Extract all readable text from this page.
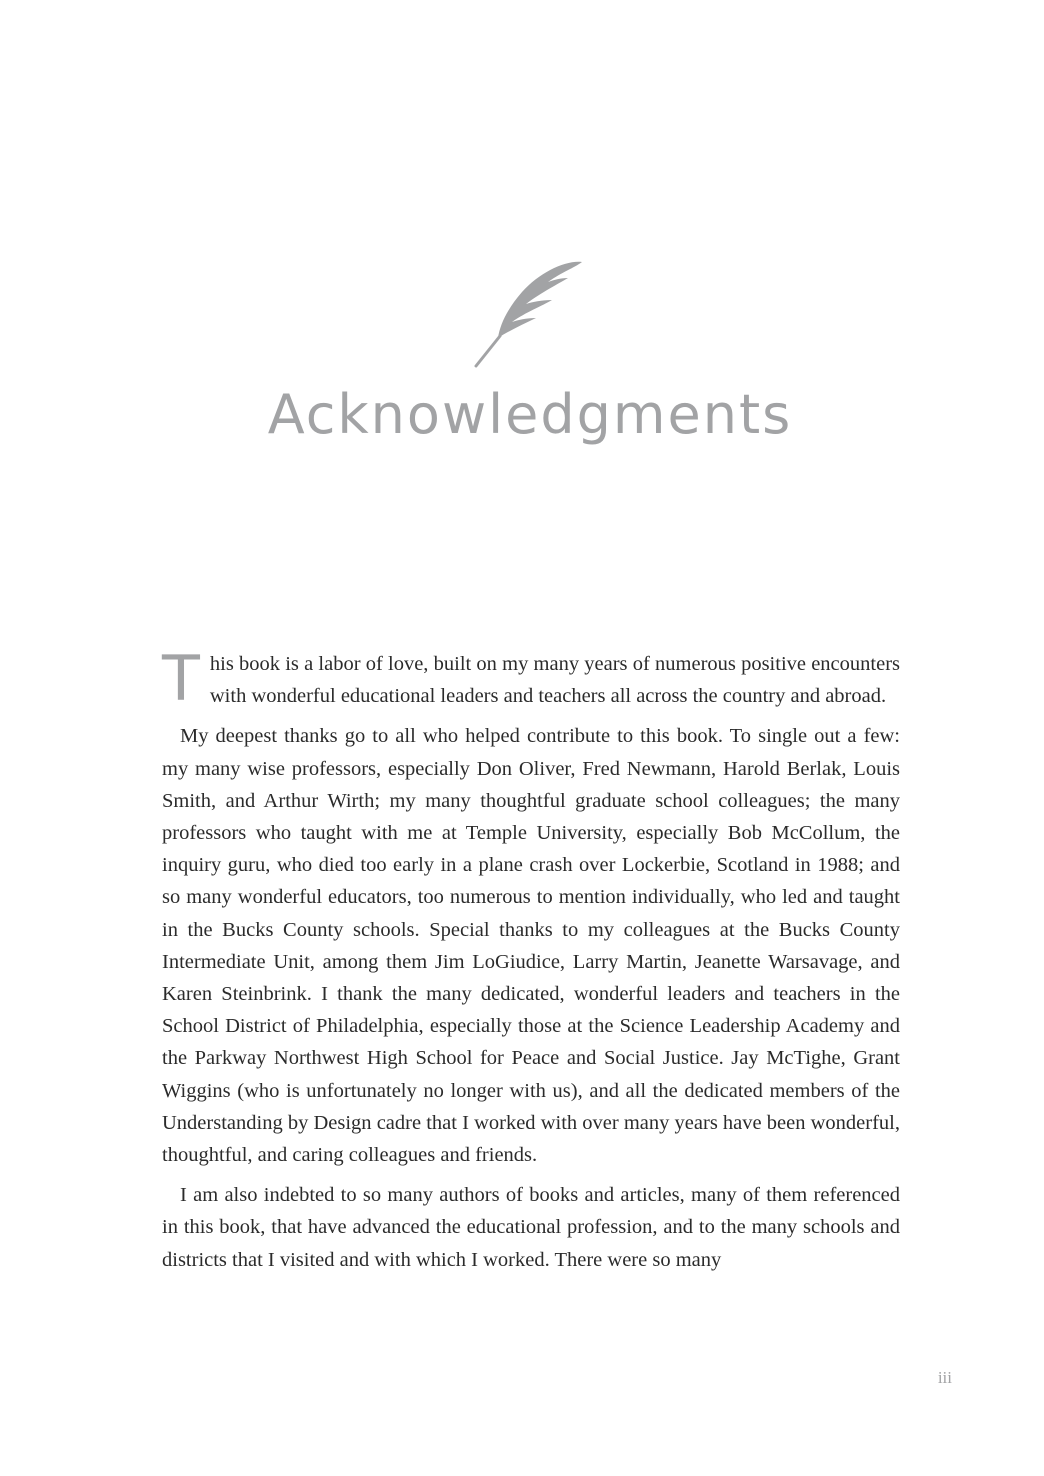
Acknowledgments

This book is a labor of love, built on my many years of numerous positive encounters with wonderful educational leaders and teachers all across the country and abroad.

My deepest thanks go to all who helped contribute to this book. To single out a few: my many wise professors, especially Don Oliver, Fred Newmann, Harold Berlak, Louis Smith, and Arthur Wirth; my many thoughtful graduate school colleagues; the many professors who taught with me at Temple University, especially Bob McCollum, the inquiry guru, who died too early in a plane crash over Lockerbie, Scotland in 1988; and so many wonderful educators, too numerous to mention individually, who led and taught in the Bucks County schools. Special thanks to my colleagues at the Bucks County Intermediate Unit, among them Jim LoGiudice, Larry Martin, Jeanette Warsavage, and Karen Steinbrink. I thank the many dedicated, wonderful leaders and teachers in the School District of Philadelphia, especially those at the Science Leadership Academy and the Parkway Northwest High School for Peace and Social Justice. Jay McTighe, Grant Wiggins (who is unfortunately no longer with us), and all the dedicated members of the Understanding by Design cadre that I worked with over many years have been wonderful, thoughtful, and caring colleagues and friends.

I am also indebted to so many authors of books and articles, many of them referenced in this book, that have advanced the educational profession, and to the many schools and districts that I visited and with which I worked. There were so many

iii
